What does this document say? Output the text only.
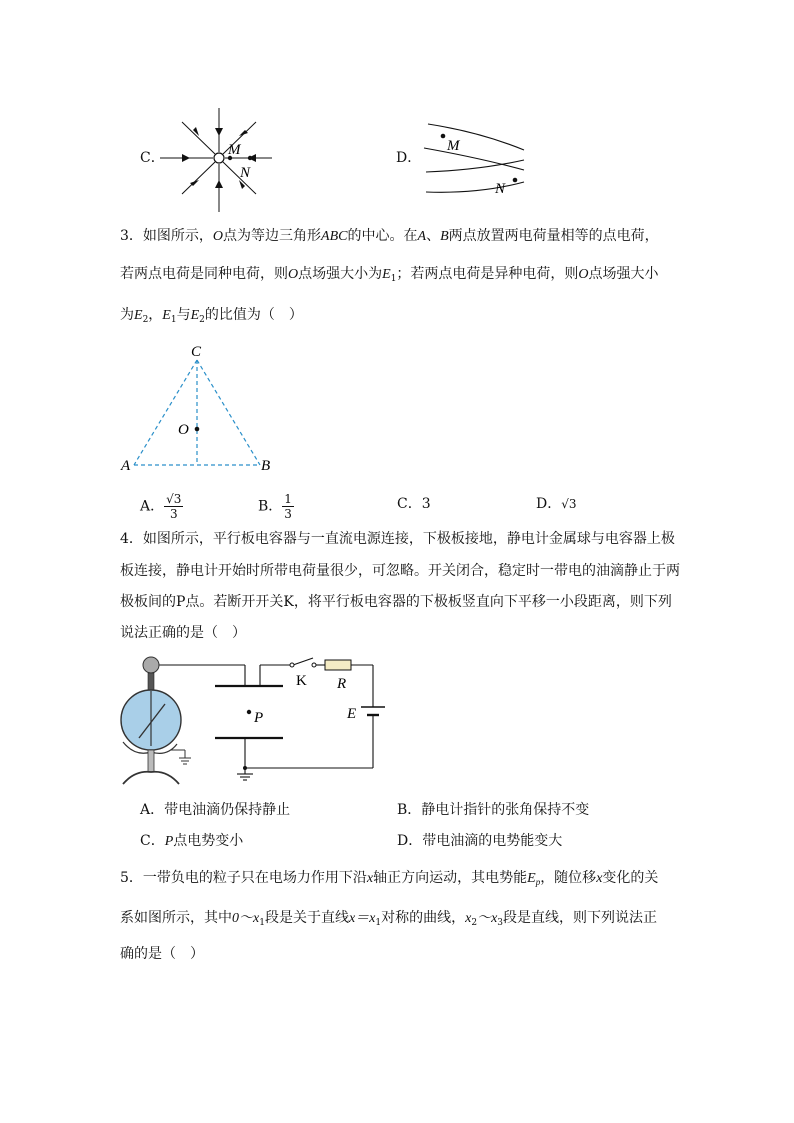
C．	M
N
D．
M
N
3．如图所示，O点为等边三角形ABC的中心。在A、B两点放置两电荷量相等的点电荷，
若两点电荷是同种电荷，则O点场强大小为$E_1$；若两点电荷是异种电荷，则O点场强大小
为$E_2$，$E_1$与$E_2$的比值为（　）
C
O
A	B
A． $\frac{√3}{3}$	B． $\frac{1}{3}$	C．3	D．√3
4．如图所示，平行板电容器与一直流电源连接，下极板接地，静电计金属球与电容器上极
板连接，静电计开始时所带电荷量很少，可忽略。开关闭合，稳定时一带电的油滴静止于两
极板间的P点。若断开开关K，将平行板电容器的下极板竖直向下平移一小段距离，则下列
说法正确的是（　）
K R
E
P
A．带电油滴仍保持静止	B．静电计指针的张角保持不变
C．P点电势变小	D．带电油滴的电势能变大
5．一带负电的粒子只在电场力作用下沿x轴正方向运动，其电势能$E_p$，随位移x变化的关
系如图所示，其中$0\sim x_1$段是关于直线$x=x_1$对称的曲线，$x_2\sim x_3$段是直线，则下列说法正
确的是（　）
